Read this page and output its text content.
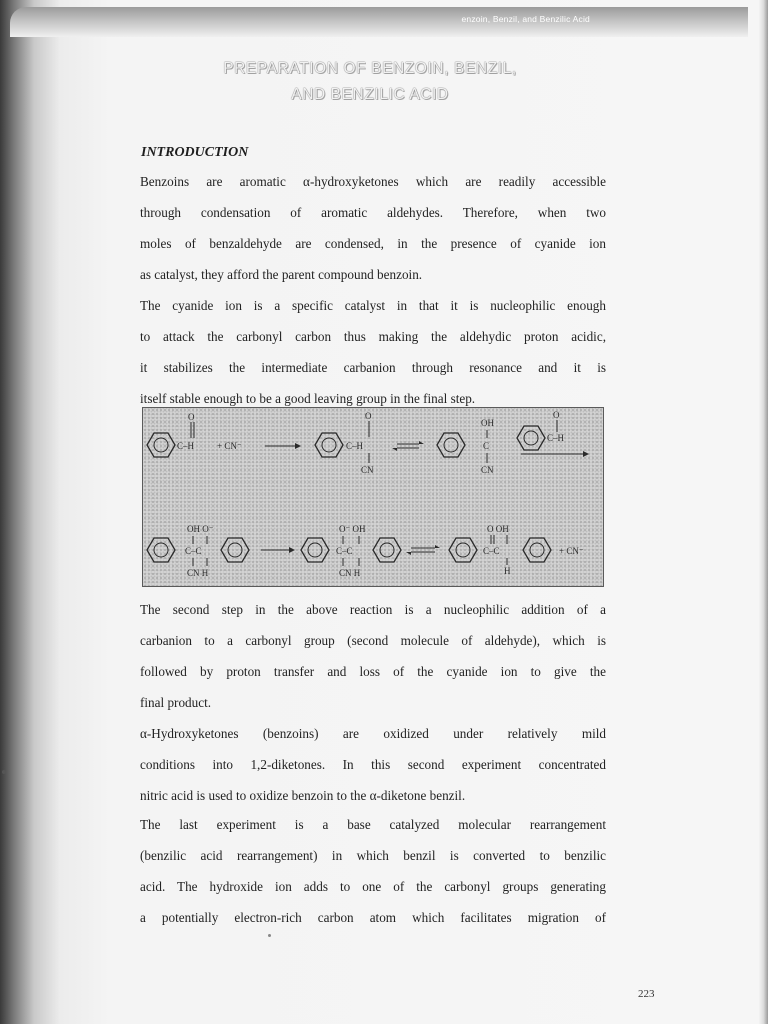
enzoin, Benzil, and Benzilic Acid
PREPARATION OF BENZOIN, BENZIL,
AND BENZILIC ACID
INTRODUCTION
Benzoins are aromatic α-hydroxyketones which are readily accessible
through condensation of aromatic aldehydes. Therefore, when two
moles of benzaldehyde are condensed, in the presence of cyanide ion
as catalyst, they afford the parent compound benzoin.
The cyanide ion is a specific catalyst in that it is nucleophilic enough
to attack the carbonyl carbon thus making the aldehydic proton acidic,
it stabilizes the intermediate carbanion through resonance and it is
itself stable enough to be a good leaving group in the final step.
O
C–H	+ CN⁻
O
C–H
CN
OH
C
CN
O
C–H
OH O⁻
C–C
CN H
O⁻ OH
C–C
CN H
O OH
C–C
H
+ CN⁻
The second step in the above reaction is a nucleophilic addition of a
carbanion to a carbonyl group (second molecule of aldehyde), which is
followed by proton transfer and loss of the cyanide ion to give the
final product.
α-Hydroxyketones (benzoins) are oxidized under relatively mild
conditions into 1,2-diketones. In this second experiment concentrated
nitric acid is used to oxidize benzoin to the α-diketone benzil.
The last experiment is a base catalyzed molecular rearrangement
(benzilic acid rearrangement) in which benzil is converted to benzilic
acid. The hydroxide ion adds to one of the carbonyl groups generating
a potentially electron-rich carbon atom which facilitates migration of
223
